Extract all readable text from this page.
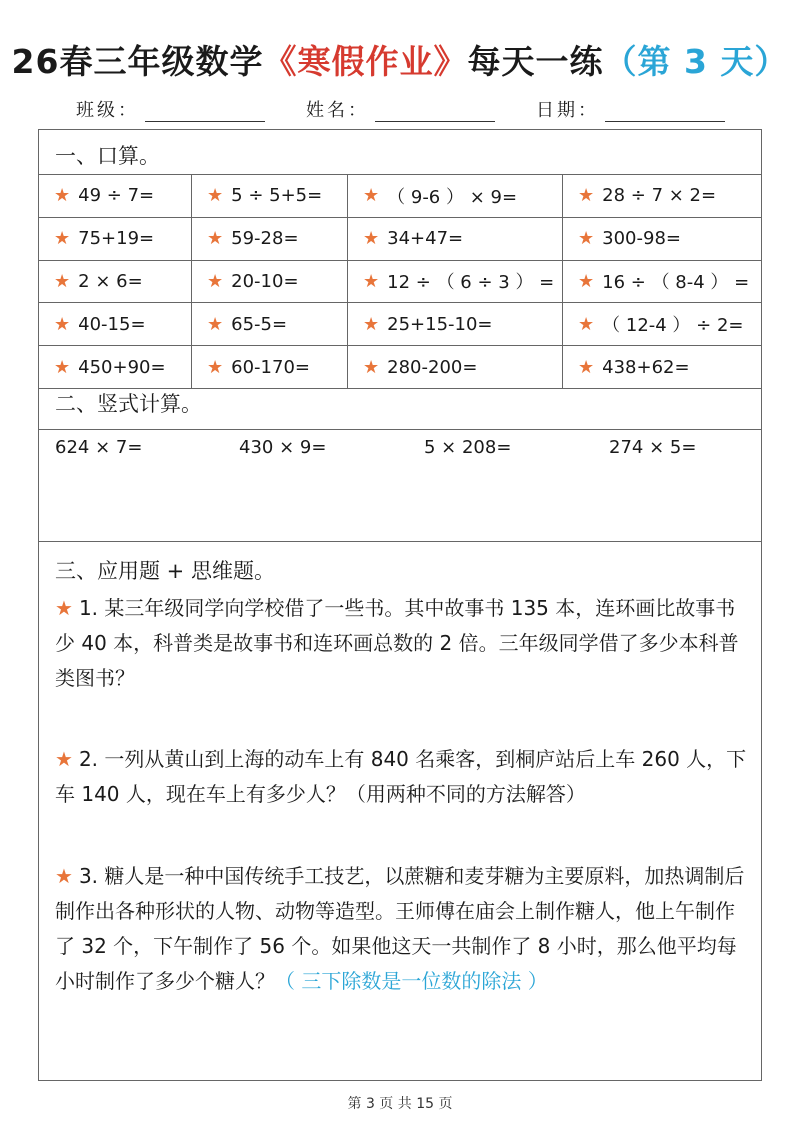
26春三年级数学《寒假作业》每天一练（第 3 天）
班级：	姓名：	日期：
一、口算。
★ 49 ÷ 7=	★ 5 ÷ 5+5= ★ （ 9-6 ） × 9=	★ 28 ÷ 7 × 2=
★ 75+19=	★ 59-28=	★ 34+47=	★ 300-98=
★ 2 × 6=	★ 20-10=	★ 12 ÷ （ 6 ÷ 3 ） = ★ 16 ÷ （ 8-4 ） =
★ 40-15=	★ 65-5=	★ 25+15-10=	★ （ 12-4 ） ÷ 2=
★ 450+90= ★ 60-170=	★ 280-200=	★ 438+62=
二、竖式计算。
624 × 7=	430 × 9=	5 × 208=	274 × 5=
三、应用题 + 思维题。
★ 1. 某三年级同学向学校借了一些书。其中故事书 135 本，连环画比故事书少 40 本，科普类是故事书和连环画总数的 2 倍。三年级同学借了多少本科普类图书？
★ 2. 一列从黄山到上海的动车上有 840 名乘客，到桐庐站后上车 260 人，下车 140 人，现在车上有多少人？（用两种不同的方法解答）
★ 3. 糖人是一种中国传统手工技艺，以蔗糖和麦芽糖为主要原料，加热调制后制作出各种形状的人物、动物等造型。王师傅在庙会上制作糖人，他上午制作了 32 个，下午制作了 56 个。如果他这天一共制作了 8 小时，那么他平均每小时制作了多少个糖人？（ 三下除数是一位数的除法 ）
第 3 页 共 15 页
